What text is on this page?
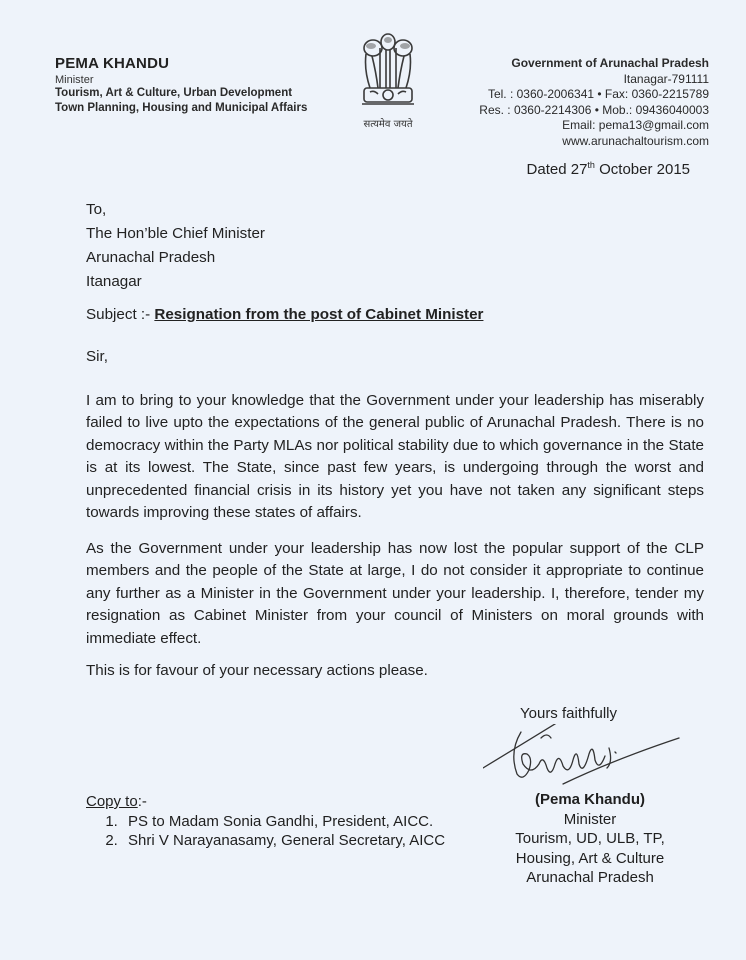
PEMA KHANDU
Minister
Tourism, Art & Culture, Urban Development
Town Planning, Housing and Municipal Affairs
सत्यमेव जयते
Government of Arunachal Pradesh
Itanagar-791111
Tel. : 0360-2006341 • Fax: 0360-2215789
Res. : 0360-2214306 • Mob.: 09436040003
Email: pema13@gmail.com
www.arunachaltourism.com
Dated 27th October 2015
To,
The Hon’ble Chief Minister
Arunachal Pradesh
Itanagar
Subject :- Resignation from the post of Cabinet Minister
Sir,
I am to bring to your knowledge that the Government under your leadership has miserably failed to live upto the expectations of the general public of Arunachal Pradesh. There is no democracy within the Party MLAs nor political stability due to which governance in the State is at its lowest. The State, since past few years, is undergoing through the worst and unprecedented financial crisis in its history yet you have not taken any significant steps towards improving these states of affairs.
As the Government under your leadership has now lost the popular support of the CLP members and the people of the State at large, I do not consider it appropriate to continue any further as a Minister in the Government under your leadership. I, therefore, tender my resignation as Cabinet Minister from your council of Ministers on moral grounds with immediate effect.
This is for favour of your necessary actions please.
Yours faithfully
(Pema Khandu)
Minister
Tourism, UD, ULB, TP,
Housing, Art & Culture
Arunachal Pradesh
Copy to:-
1. PS to Madam Sonia Gandhi, President, AICC.
2. Shri V Narayanasamy, General Secretary, AICC
